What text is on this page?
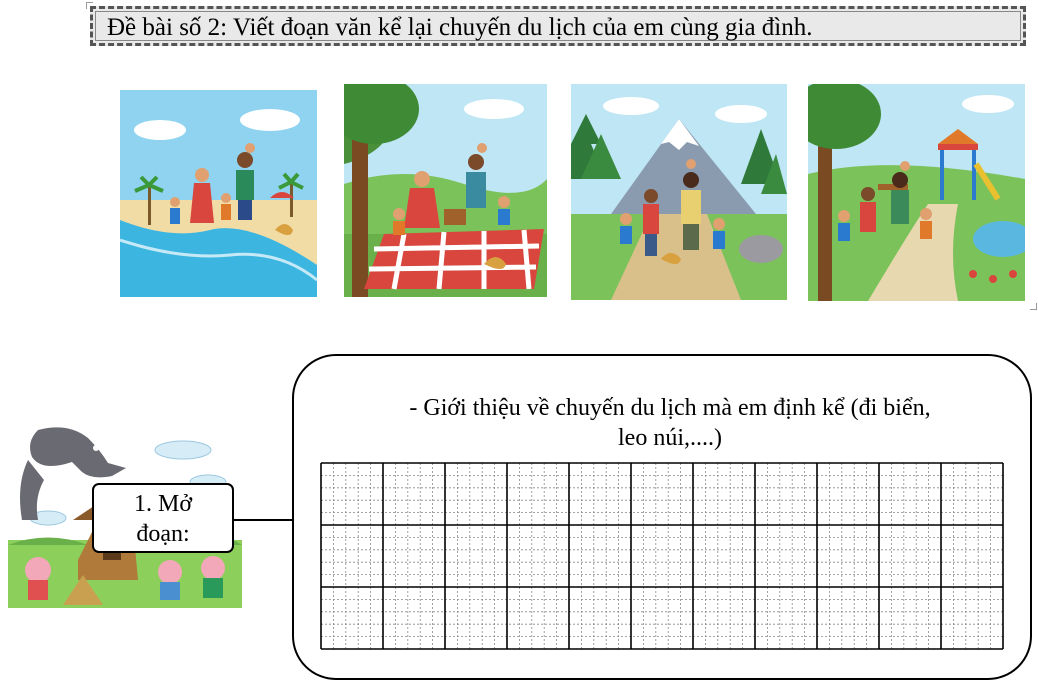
Đề bài số 2: Viết đoạn văn kể lại chuyến du lịch của em cùng gia đình.
1. Mở
đoạn:
- Giới thiệu về chuyến du lịch mà em định kể (đi biển,
leo núi,....)
